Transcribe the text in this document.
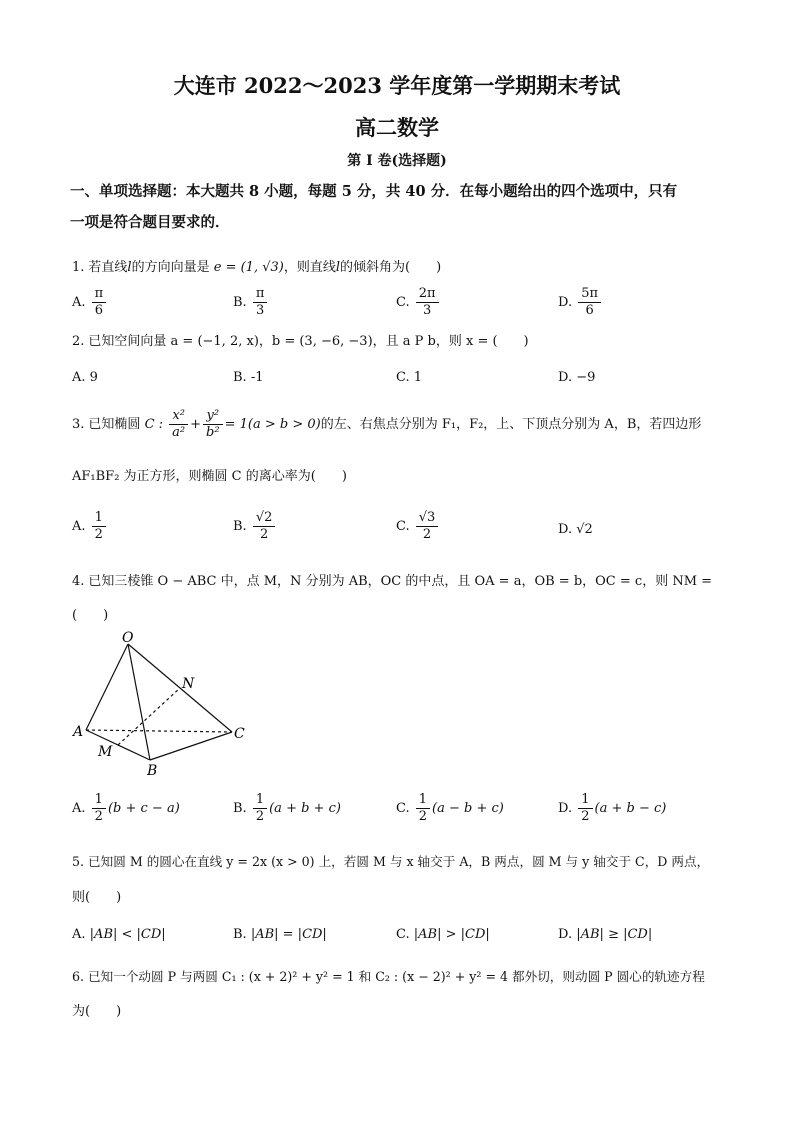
大连市 2022～2023 学年度第一学期期末考试
高二数学
第 I 卷(选择题)
一、单项选择题：本大题共 8 小题，每题 5 分，共 40 分．在每小题给出的四个选项中，只有
一项是符合题目要求的．
1. 若直线l的方向向量是 e = (1, √3)，则直线l的倾斜角为(　　)
A. $\frac{\pi}{6}$	B. $\frac{\pi}{3}$	C. $\frac{2\pi}{3}$	D. $\frac{5\pi}{6}$
2. 已知空间向量 a = (−1, 2, x)，b = (3, −6, −3)，且 a P b，则 x = (　　)
A. 9	B. -1	C. 1	D. −9
3. 已知椭圆 C : $\frac{\text{x²}}{\text{a²}} + \frac{\text{y²}}{\text{b²}} = 1(a > b > 0)$的左、右焦点分别为 F₁，F₂，上、下顶点分别为 A，B，若四边形
AF₁BF₂ 为正方形，则椭圆 C 的离心率为(　　)
A. $\frac{1}{2}$	B. $\frac{√2}{2}$	C. $\frac{√3}{2}$	D. √2
4. 已知三棱锥 O − ABC 中，点 M，N 分别为 AB，OC 的中点，且 OA = a，OB = b，OC = c，则 NM =
(　　)
O
N
A
M
B
C
A. $\frac{1}{2} (b + c - a)$	B. $\frac{1}{2} (a + b + c)$	C. $\frac{1}{2} (a - b + c)$	D. $\frac{1}{2} (a + b - c)$
5. 已知圆 M 的圆心在直线 y = 2x (x > 0) 上，若圆 M 与 x 轴交于 A，B 两点，圆 M 与 y 轴交于 C，D 两点，
则(　　)
A. |AB| < |CD|	B. |AB| = |CD|	C. |AB| > |CD|	D. |AB| ≥ |CD|
6. 已知一个动圆 P 与两圆 C₁ : (x + 2)² + y² = 1 和 C₂ : (x − 2)² + y² = 4 都外切，则动圆 P 圆心的轨迹方程
为(　　)
